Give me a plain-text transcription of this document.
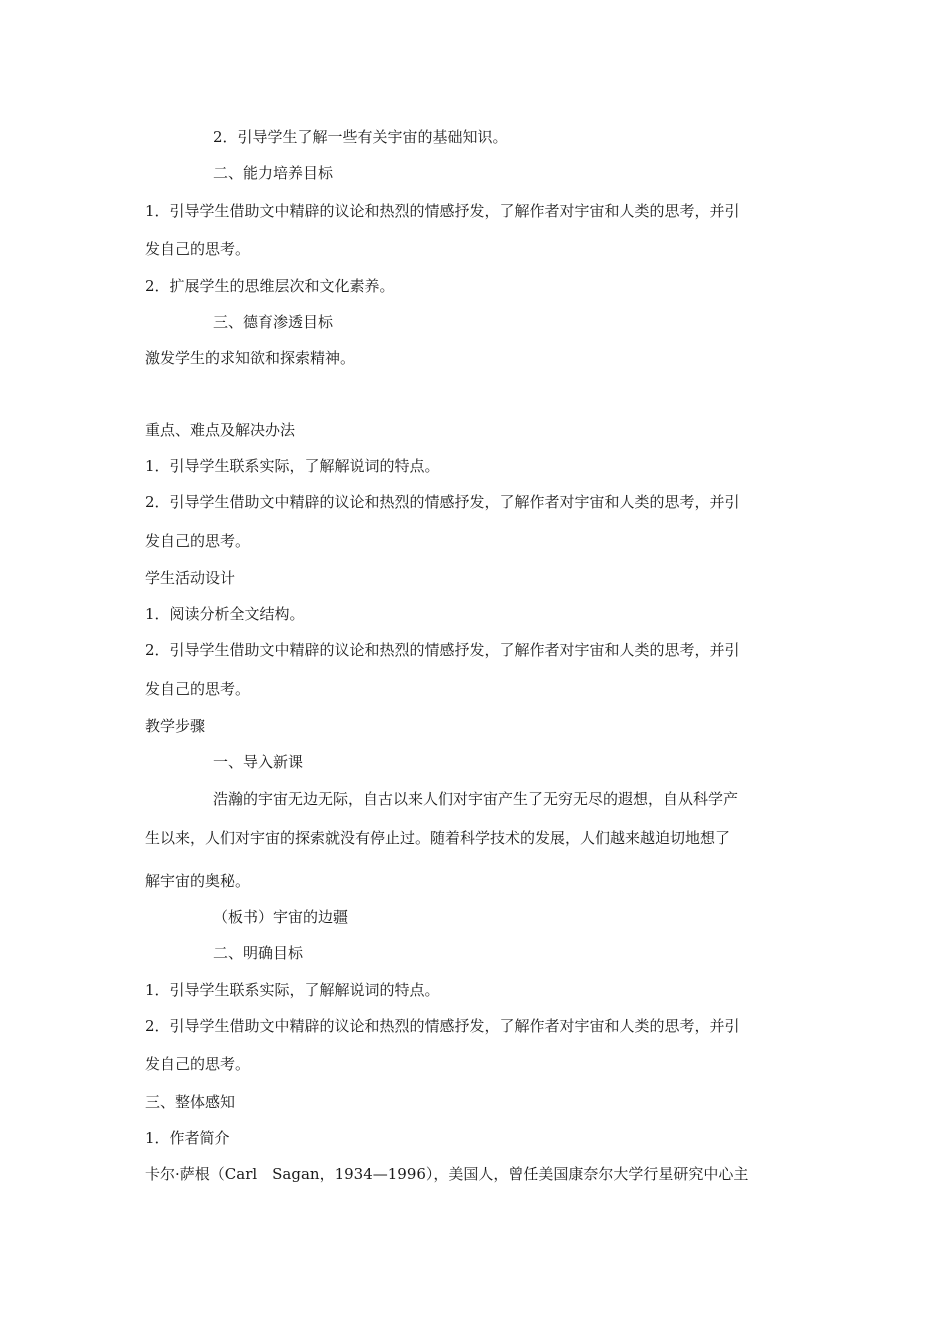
2．引导学生了解一些有关宇宙的基础知识。
二、能力培养目标
1．引导学生借助文中精辟的议论和热烈的情感抒发，了解作者对宇宙和人类的思考，并引
发自己的思考。
2．扩展学生的思维层次和文化素养。
三、德育渗透目标
激发学生的求知欲和探索精神。
重点、难点及解决办法
1．引导学生联系实际，了解解说词的特点。
2．引导学生借助文中精辟的议论和热烈的情感抒发，了解作者对宇宙和人类的思考，并引
发自己的思考。
学生活动设计
1．阅读分析全文结构。
2．引导学生借助文中精辟的议论和热烈的情感抒发，了解作者对宇宙和人类的思考，并引
发自己的思考。
教学步骤
一、导入新课
浩瀚的宇宙无边无际，自古以来人们对宇宙产生了无穷无尽的遐想，自从科学产
生以来，人们对宇宙的探索就没有停止过。随着科学技术的发展，人们越来越迫切地想了
解宇宙的奥秘。
（板书）宇宙的边疆
二、明确目标
1．引导学生联系实际，了解解说词的特点。
2．引导学生借助文中精辟的议论和热烈的情感抒发，了解作者对宇宙和人类的思考，并引
发自己的思考。
三、整体感知
1．作者简介
卡尔·萨根（Carl　Sagan，1934—1996），美国人，曾任美国康奈尔大学行星研究中心主
